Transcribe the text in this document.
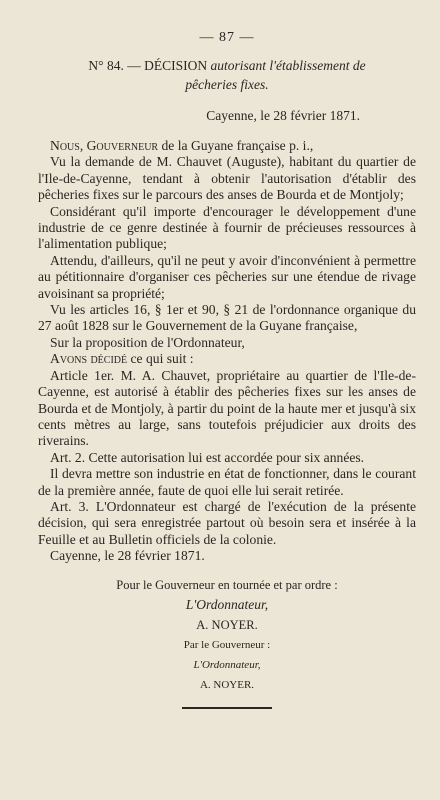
— 87 —
N° 84. — DÉCISION autorisant l'établissement de
pêcheries fixes.
Cayenne, le 28 février 1871.

Nous, Gouverneur de la Guyane française p. i.,

Vu la demande de M. Chauvet (Auguste), habitant du quartier de l'Ile-de-Cayenne, tendant à obtenir l'autorisation d'établir des pêcheries fixes sur le parcours des anses de Bourda et de Montjoly;

Considérant qu'il importe d'encourager le développement d'une industrie de ce genre destinée à fournir de précieuses ressources à l'alimentation publique;

Attendu, d'ailleurs, qu'il ne peut y avoir d'inconvénient à permettre au pétitionnaire d'organiser ces pêcheries sur une étendue de rivage avoisinant sa propriété;

Vu les articles 16, § 1er et 90, § 21 de l'ordonnance organique du 27 août 1828 sur le Gouvernement de la Guyane française,

Sur la proposition de l'Ordonnateur,

Avons décidé ce qui suit :

Article 1er. M. A. Chauvet, propriétaire au quartier de l'Ile-de-Cayenne, est autorisé à établir des pêcheries fixes sur les anses de Bourda et de Montjoly, à partir du point de la haute mer et jusqu'à six cents mètres au large, sans toutefois préjudicier aux droits des riverains.

Art. 2. Cette autorisation lui est accordée pour six années.

Il devra mettre son industrie en état de fonctionner, dans le courant de la première année, faute de quoi elle lui serait retirée.

Art. 3. L'Ordonnateur est chargé de l'exécution de la présente décision, qui sera enregistrée partout où besoin sera et insérée à la Feuille et au Bulletin officiels de la colonie.

Cayenne, le 28 février 1871.

Pour le Gouverneur en tournée et par ordre :
L'Ordonnateur,
A. NOYER.
Par le Gouverneur :
L'Ordonnateur,
A. NOYER.
